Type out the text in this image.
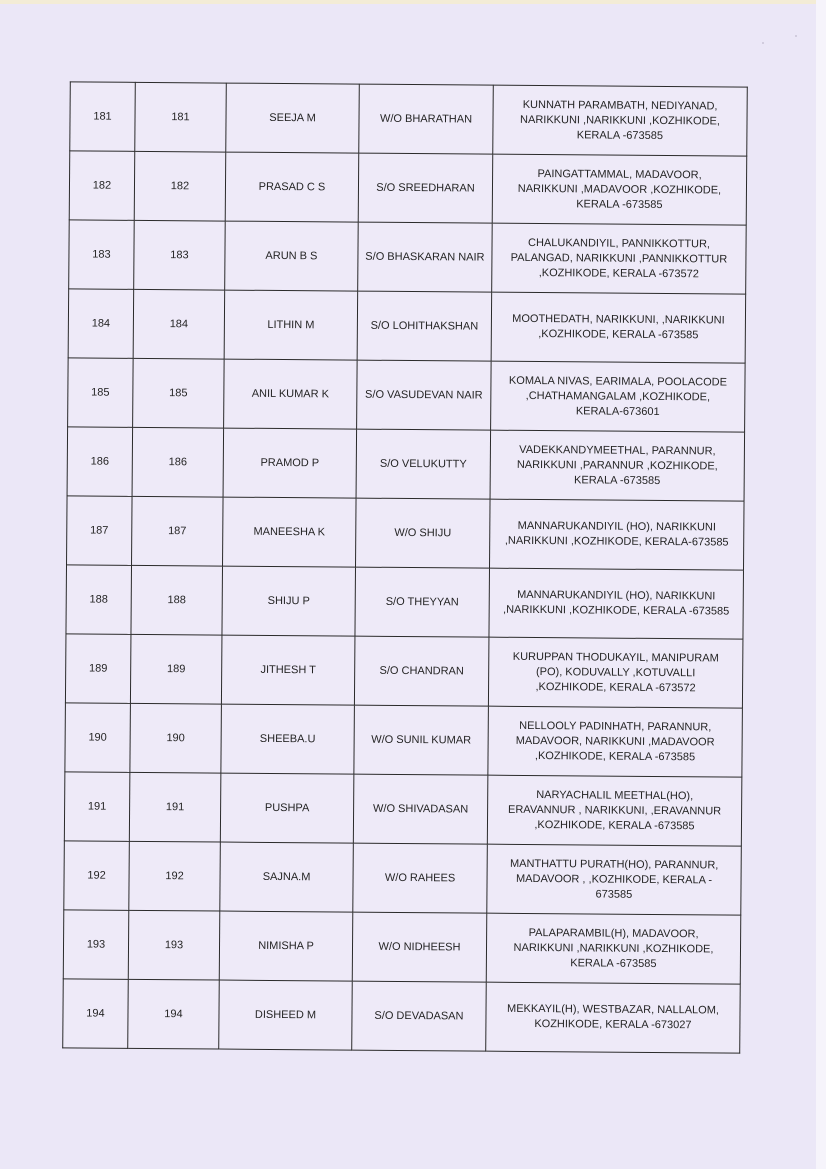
181	181	SEEJA M	W/O BHARATHAN	KUNNATH PARAMBATH, NEDIYANAD,
NARIKKUNI ,NARIKKUNI ,KOZHIKODE,
KERALA -673585

182	182	PRASAD C S	S/O SREEDHARAN	PAINGATTAMMAL, MADAVOOR,
NARIKKUNI ,MADAVOOR ,KOZHIKODE,
KERALA -673585

183	183	ARUN B S	S/O BHASKARAN NAIR	CHALUKANDIYIL, PANNIKKOTTUR,
PALANGAD, NARIKKUNI ,PANNIKKOTTUR
,KOZHIKODE, KERALA -673572

184	184	LITHIN M	S/O LOHITHAKSHAN	MOOTHEDATH, NARIKKUNI, ,NARIKKUNI
,KOZHIKODE, KERALA -673585

185	185	ANIL KUMAR K	S/O VASUDEVAN NAIR	KOMALA NIVAS, EARIMALA, POOLACODE
,CHATHAMANGALAM ,KOZHIKODE,
KERALA-673601

186	186	PRAMOD P	S/O VELUKUTTY	VADEKKANDYMEETHAL, PARANNUR,
NARIKKUNI ,PARANNUR ,KOZHIKODE,
KERALA -673585

187	187	MANEESHA K	W/O SHIJU	MANNARUKANDIYIL (HO), NARIKKUNI
,NARIKKUNI ,KOZHIKODE, KERALA-673585

188	188	SHIJU P	S/O THEYYAN	MANNARUKANDIYIL (HO), NARIKKUNI
,NARIKKUNI ,KOZHIKODE, KERALA -673585

189	189	JITHESH T	S/O CHANDRAN	KURUPPAN THODUKAYIL, MANIPURAM
(PO), KODUVALLY ,KOTUVALLI
,KOZHIKODE, KERALA -673572

190	190	SHEEBA.U	W/O SUNIL KUMAR	NELLOOLY PADINHATH, PARANNUR,
MADAVOOR, NARIKKUNI ,MADAVOOR
,KOZHIKODE, KERALA -673585

191	191	PUSHPA	W/O SHIVADASAN	NARYACHALIL MEETHAL(HO),
ERAVANNUR , NARIKKUNI, ,ERAVANNUR
,KOZHIKODE, KERALA -673585

192	192	SAJNA.M	W/O RAHEES	MANTHATTU PURATH(HO), PARANNUR,
MADAVOOR , ,KOZHIKODE, KERALA -
673585

193	193	NIMISHA P	W/O NIDHEESH	PALAPARAMBIL(H), MADAVOOR,
NARIKKUNI ,NARIKKUNI ,KOZHIKODE,
KERALA -673585

194	194	DISHEED M	S/O DEVADASAN	MEKKAYIL(H), WESTBAZAR, NALLALOM,
KOZHIKODE, KERALA -673027
